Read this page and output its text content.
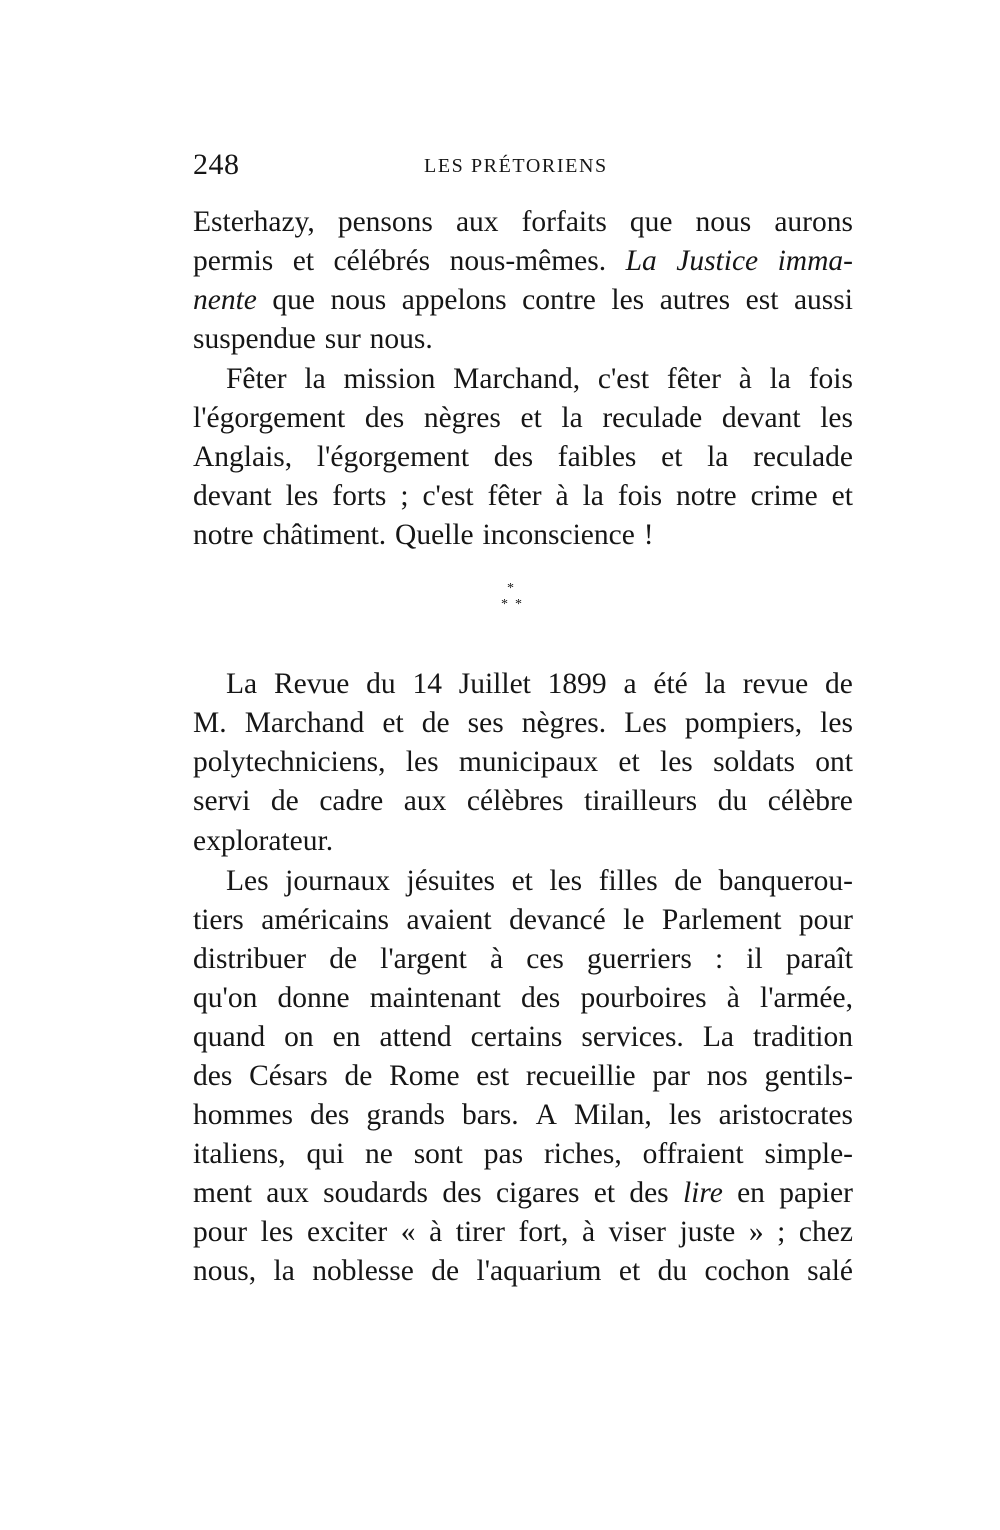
248	LES PRÉTORIENS
Esterhazy, pensons aux forfaits que nous aurons
permis et célébrés nous-mêmes. La Justice imma-
nente que nous appelons contre les autres est aussi
suspendue sur nous.
Fêter la mission Marchand, c'est fêter à la fois
l'égorgement des nègres et la reculade devant les
Anglais, l'égorgement des faibles et la reculade
devant les forts ; c'est fêter à la fois notre crime et
notre châtiment. Quelle inconscience !
*
* *
La Revue du 14 Juillet 1899 a été la revue de
M. Marchand et de ses nègres. Les pompiers, les
polytechniciens, les municipaux et les soldats ont
servi de cadre aux célèbres tirailleurs du célèbre
explorateur.
Les journaux jésuites et les filles de banquerou-
tiers américains avaient devancé le Parlement pour
distribuer de l'argent à ces guerriers : il paraît
qu'on donne maintenant des pourboires à l'armée,
quand on en attend certains services. La tradition
des Césars de Rome est recueillie par nos gentils-
hommes des grands bars. A Milan, les aristocrates
italiens, qui ne sont pas riches, offraient simple-
ment aux soudards des cigares et des lire en papier
pour les exciter « à tirer fort, à viser juste » ; chez
nous, la noblesse de l'aquarium et du cochon salé
